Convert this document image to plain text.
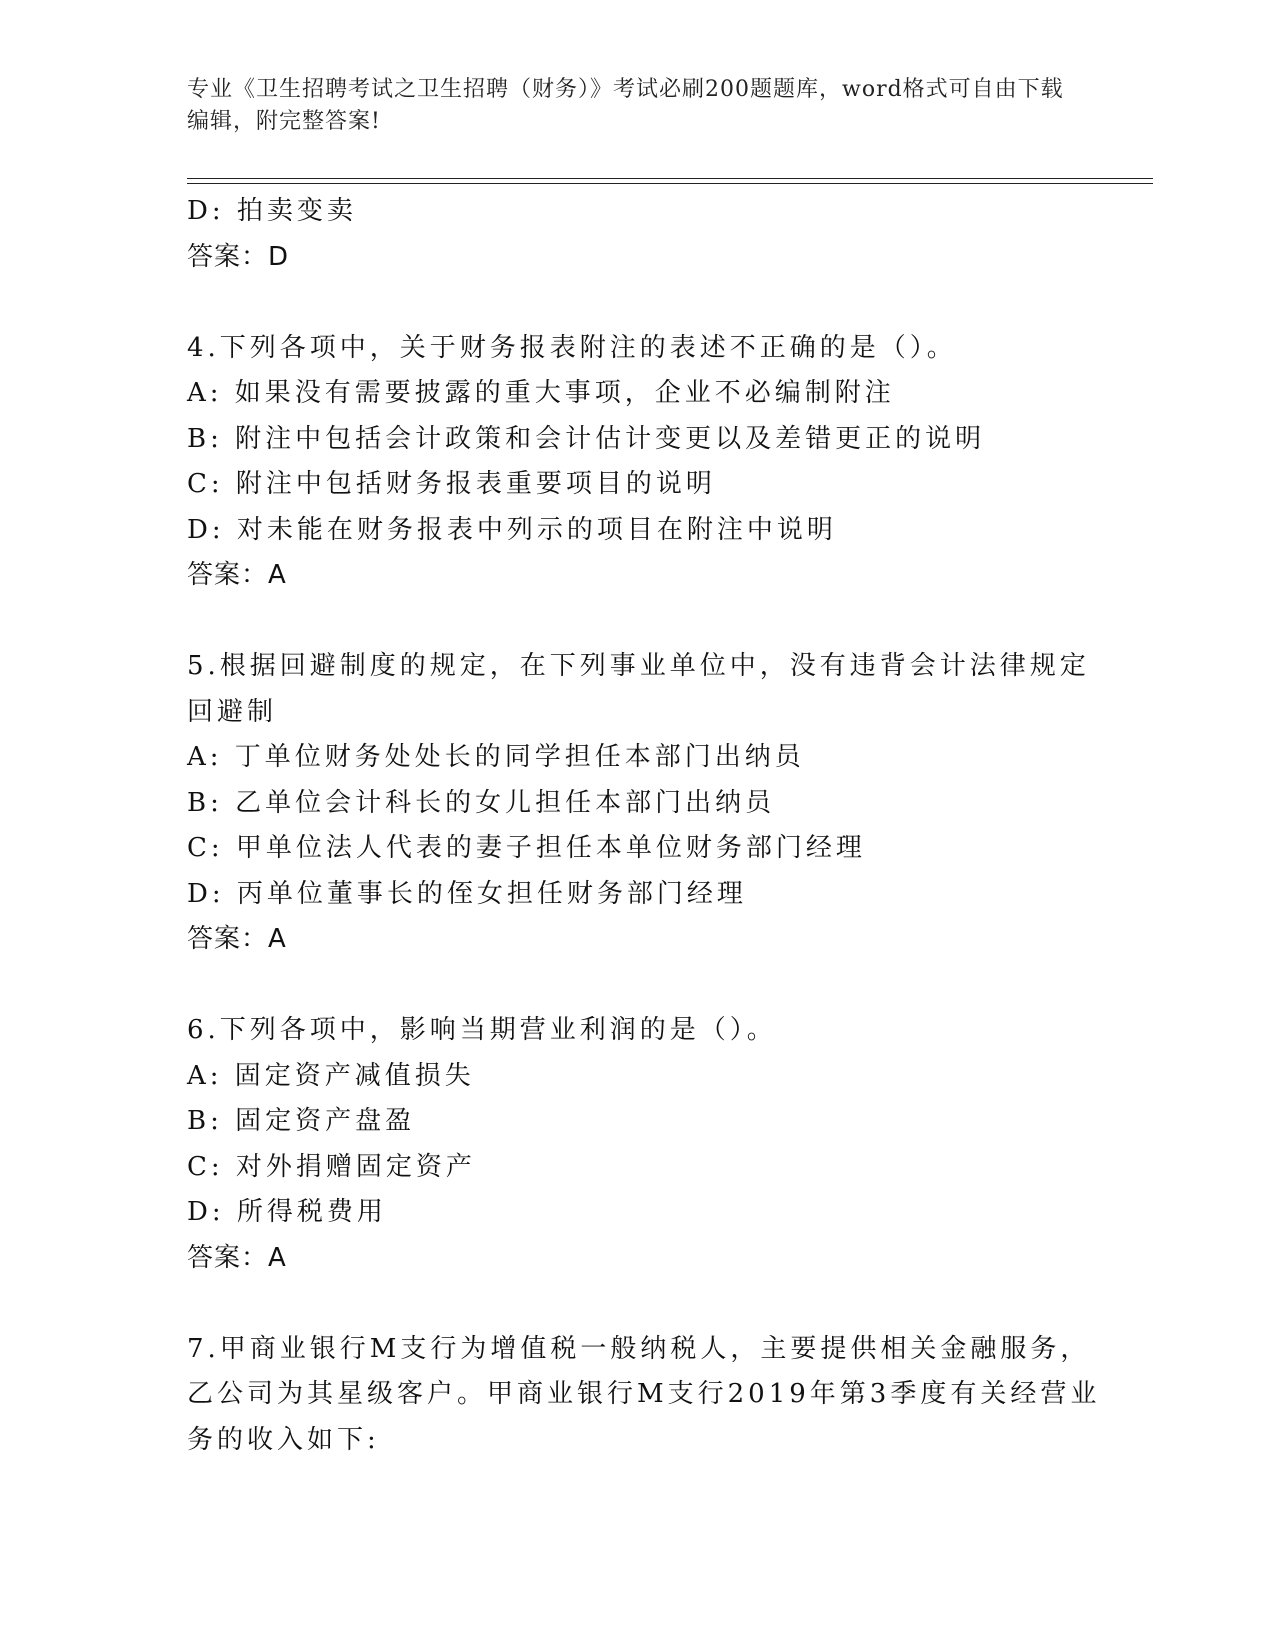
专业《卫生招聘考试之卫生招聘（财务）》考试必刷200题题库，word格式可自由下载编辑，附完整答案!
D: 拍卖变卖
答案：D
4.下列各项中，关于财务报表附注的表述不正确的是（）。
A: 如果没有需要披露的重大事项，企业不必编制附注
B: 附注中包括会计政策和会计估计变更以及差错更正的说明
C: 附注中包括财务报表重要项目的说明
D: 对未能在财务报表中列示的项目在附注中说明
答案：A
5.根据回避制度的规定，在下列事业单位中，没有违背会计法律规定
回避制
A: 丁单位财务处处长的同学担任本部门出纳员
B: 乙单位会计科长的女儿担任本部门出纳员
C: 甲单位法人代表的妻子担任本单位财务部门经理
D: 丙单位董事长的侄女担任财务部门经理
答案：A
6.下列各项中，影响当期营业利润的是（）。
A: 固定资产减值损失
B: 固定资产盘盈
C: 对外捐赠固定资产
D: 所得税费用
答案：A
7.甲商业银行M支行为增值税一般纳税人，主要提供相关金融服务，
乙公司为其星级客户。甲商业银行M支行2019年第3季度有关经营业
务的收入如下:
